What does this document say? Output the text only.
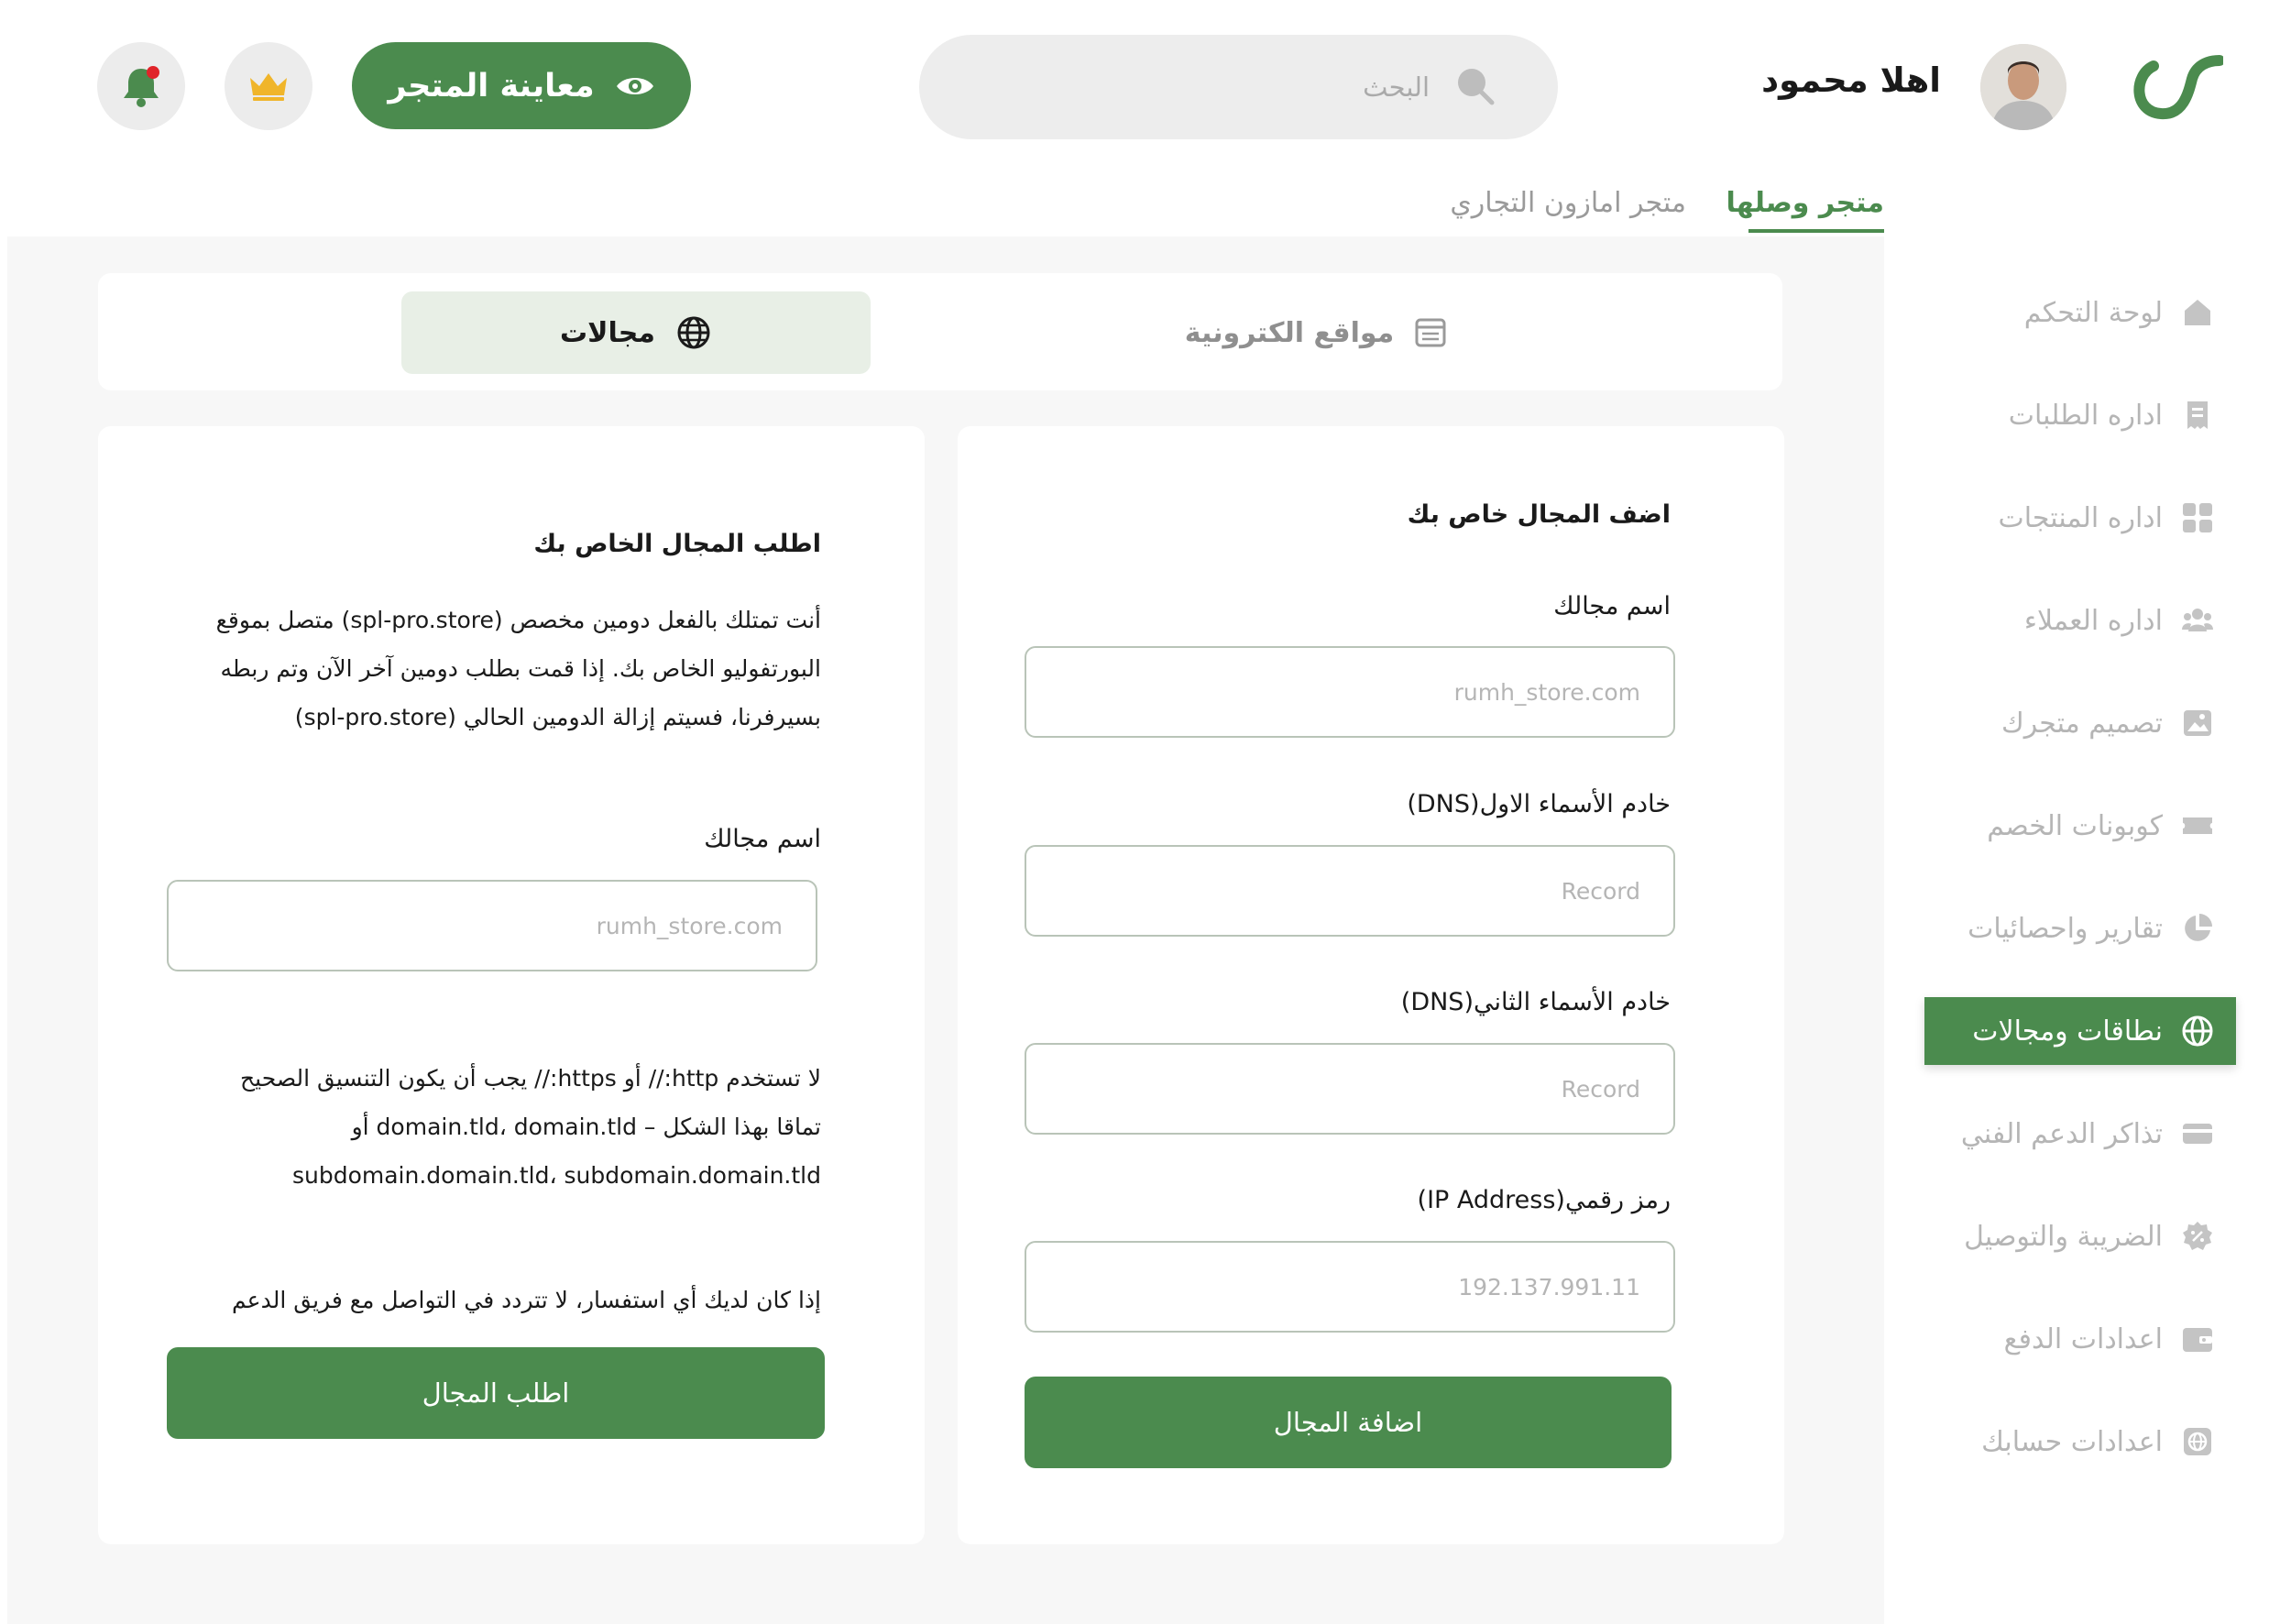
اهلا محمود
البحث
معاينة المتجر
متجر وصلها
متجر امازون التجاري
لوحة التحكم
اداره الطلبات
اداره المنتجات
اداره العملاء
تصميم متجرك
كوبونات الخصم
تقارير واحصائيات
نطاقات ومجالات
تذاكر الدعم الفني
الضريبة والتوصيل
اعدادات الدفع
اعدادات حسابك
مجالات	مواقع الكترونية
اطلب المجال الخاص بك
أنت تمتلك بالفعل دومين مخصص (spl-pro.store) متصل بموقع
البورتفوليو الخاص بك. إذا قمت بطلب دومين آخر الآن وتم ربطه
بسيرفرنا، فسيتم إزالة الدومين الحالي (spl-pro.store)
اسم مجالك
rumh_store.com
لا تستخدم http:// أو https:// يجب أن يكون التنسيق الصحيح
تماقا بهذا الشكل – domain.tld، domain.tld أو
subdomain.domain.tld، subdomain.domain.tld
إذا كان لديك أي استفسار، لا تتردد في التواصل مع فريق الدعم
اطلب المجال
اضف المجال خاص بك
اسم مجالك
rumh_store.com
خادم الأسماء الاول(DNS)
Record
خادم الأسماء الثاني(DNS)
Record
رمز رقمي(IP Address)
192.137.991.11
اضافة المجال
